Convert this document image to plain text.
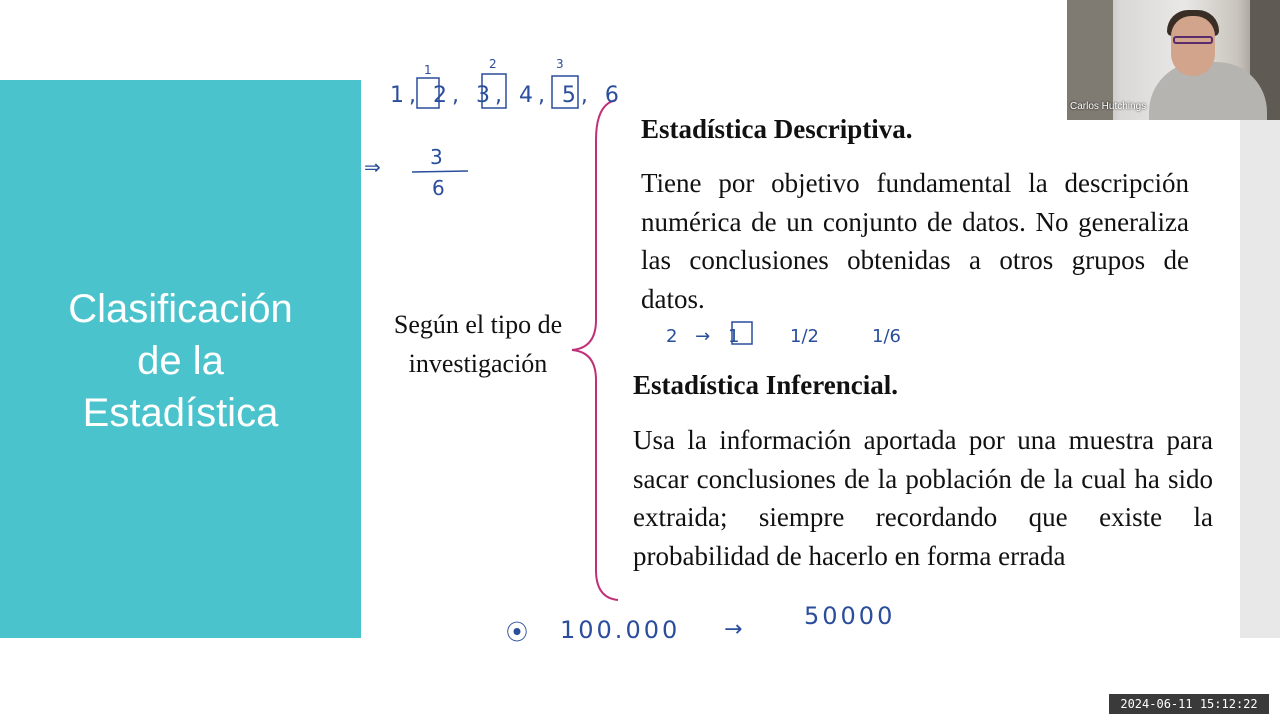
Clasificación
de la
Estadística
Según el tipo de investigación
Estadística Descriptiva.
Tiene por objetivo fundamental la descripción numérica de un conjunto de datos. No generaliza las conclusiones obtenidas a otros grupos de datos.
Estadística Inferencial.
Usa la información aportada por una muestra para sacar conclusiones de la población de la cual ha sido extraida; siempre recordando que existe la probabilidad de hacerlo en forma errada
1, 2, 3, 4, 5, 6
1	2	3
⇒ 3
6
2 → 1 1/2	1/6
⦿ 100.000 →	50000
Carlos Hutchings
2024-06-11 15:12:22
